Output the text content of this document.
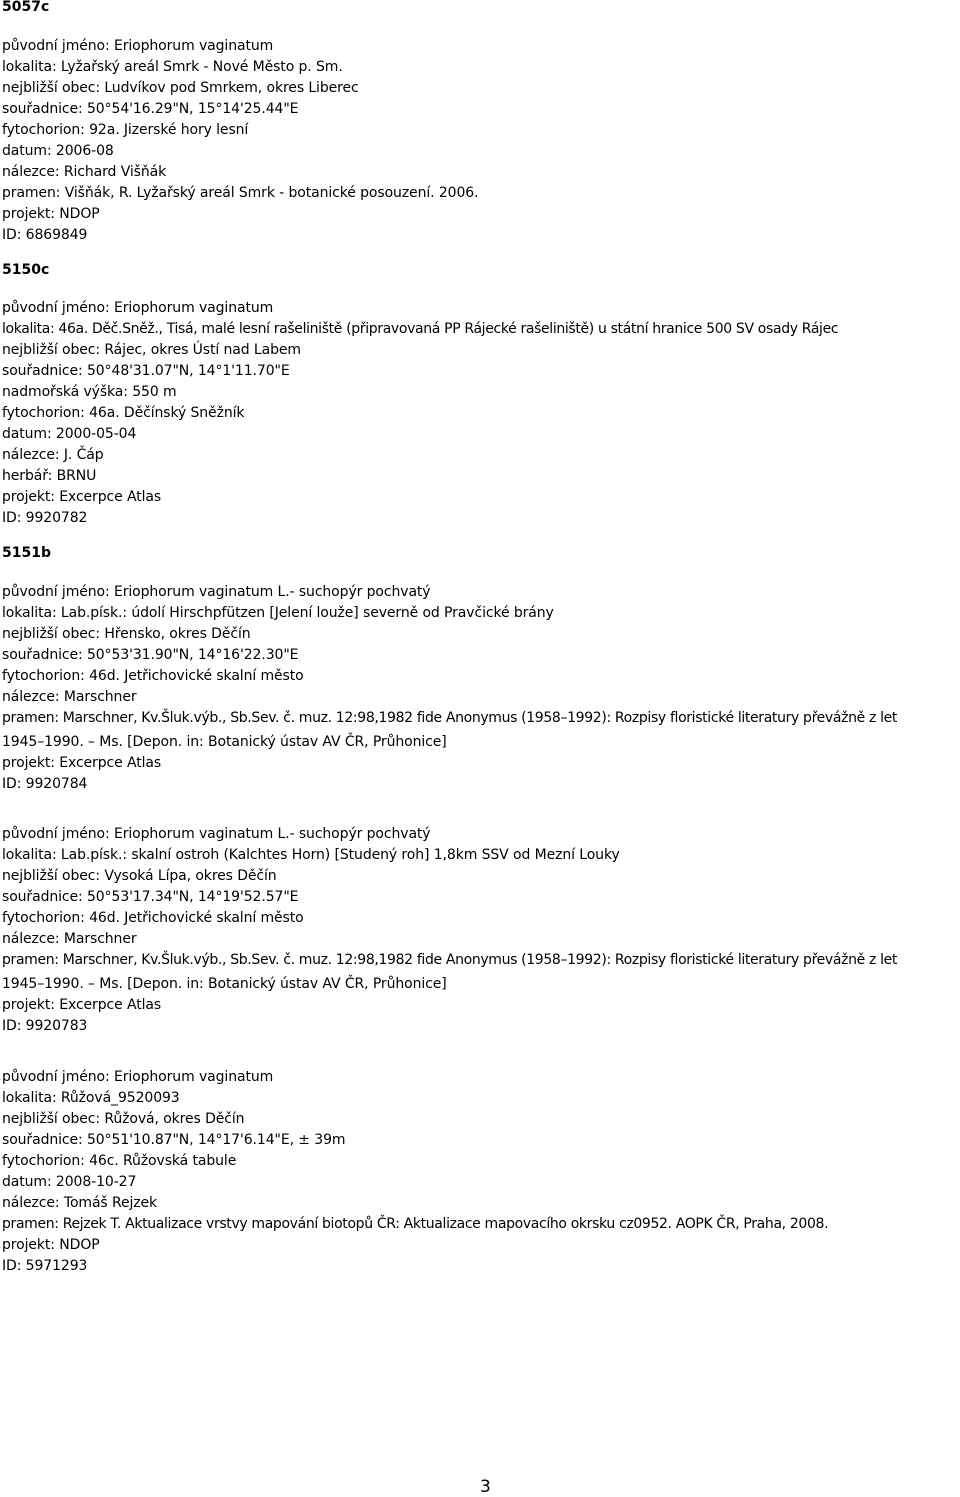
5057c
původní jméno: Eriophorum vaginatum
lokalita: Lyžařský areál Smrk - Nové Město p. Sm.
nejbližší obec: Ludvíkov pod Smrkem, okres Liberec
souřadnice: 50°54'16.29"N, 15°14'25.44"E
fytochorion: 92a. Jizerské hory lesní
datum: 2006-08
nálezce: Richard Višňák
pramen: Višňák, R. Lyžařský areál Smrk - botanické posouzení. 2006.
projekt: NDOP
ID: 6869849
5150c
původní jméno: Eriophorum vaginatum
lokalita: 46a. Děč.Sněž., Tisá, malé lesní rašeliniště (připravovaná PP Rájecké rašeliniště) u státní hranice 500 SV osady Rájec
nejbližší obec: Rájec, okres Ústí nad Labem
souřadnice: 50°48'31.07"N, 14°1'11.70"E
nadmořská výška: 550 m
fytochorion: 46a. Děčínský Sněžník
datum: 2000-05-04
nálezce: J. Čáp
herbář: BRNU
projekt: Excerpce Atlas
ID: 9920782
5151b
původní jméno: Eriophorum vaginatum L.- suchopýr pochvatý
lokalita: Lab.písk.: údolí Hirschpfützen [Jelení louže] severně od Pravčické brány
nejbližší obec: Hřensko, okres Děčín
souřadnice: 50°53'31.90"N, 14°16'22.30"E
fytochorion: 46d. Jetřichovické skalní město
nálezce: Marschner
pramen: Marschner, Kv.Šluk.výb., Sb.Sev. č. muz. 12:98,1982 fide Anonymus (1958–1992): Rozpisy floristické literatury převážně z let
1945–1990. – Ms. [Depon. in: Botanický ústav AV ČR, Průhonice]
projekt: Excerpce Atlas
ID: 9920784
původní jméno: Eriophorum vaginatum L.- suchopýr pochvatý
lokalita: Lab.písk.: skalní ostroh (Kalchtes Horn) [Studený roh] 1,8km SSV od Mezní Louky
nejbližší obec: Vysoká Lípa, okres Děčín
souřadnice: 50°53'17.34"N, 14°19'52.57"E
fytochorion: 46d. Jetřichovické skalní město
nálezce: Marschner
pramen: Marschner, Kv.Šluk.výb., Sb.Sev. č. muz. 12:98,1982 fide Anonymus (1958–1992): Rozpisy floristické literatury převážně z let
1945–1990. – Ms. [Depon. in: Botanický ústav AV ČR, Průhonice]
projekt: Excerpce Atlas
ID: 9920783
původní jméno: Eriophorum vaginatum
lokalita: Růžová_9520093
nejbližší obec: Růžová, okres Děčín
souřadnice: 50°51'10.87"N, 14°17'6.14"E, ± 39m
fytochorion: 46c. Růžovská tabule
datum: 2008-10-27
nálezce: Tomáš Rejzek
pramen: Rejzek T. Aktualizace vrstvy mapování biotopů ČR: Aktualizace mapovacího okrsku cz0952. AOPK ČR, Praha, 2008.
projekt: NDOP
ID: 5971293
3
